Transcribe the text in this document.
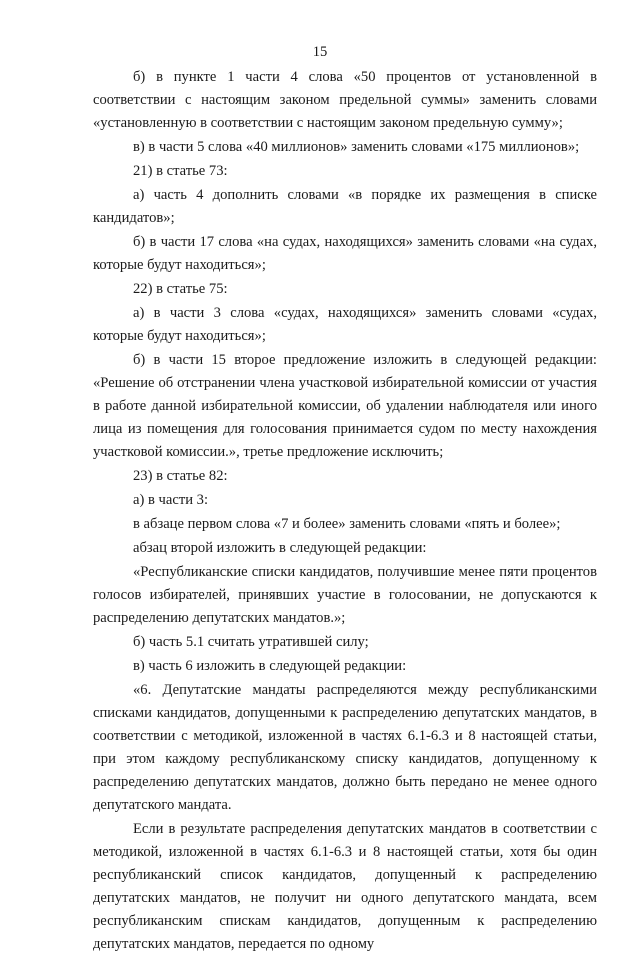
15

б) в пункте 1 части 4 слова «50 процентов от установленной в соответствии с настоящим законом предельной суммы» заменить словами «установленную в соответствии с настоящим законом предельную сумму»;

в) в части 5 слова «40 миллионов» заменить словами «175 миллионов»;

21) в статье 73:

а) часть 4 дополнить словами «в порядке их размещения в списке кандидатов»;

б) в части 17 слова «на судах, находящихся» заменить словами «на судах, которые будут находиться»;

22) в статье 75:

а) в части 3 слова «судах, находящихся» заменить словами «судах, которые будут находиться»;

б) в части 15 второе предложение изложить в следующей редакции: «Решение об отстранении члена участковой избирательной комиссии от участия в работе данной избирательной комиссии, об удалении наблюдателя или иного лица из помещения для голосования принимается судом по месту нахождения участковой комиссии.», третье предложение исключить;

23) в статье 82:

а) в части 3:

в абзаце первом слова «7 и более» заменить словами «пять и более»;

абзац второй изложить в следующей редакции:

«Республиканские списки кандидатов, получившие менее пяти процентов голосов избирателей, принявших участие в голосовании, не допускаются к распределению депутатских мандатов.»;

б) часть 5.1 считать утратившей силу;

в) часть 6 изложить в следующей редакции:

«6. Депутатские мандаты распределяются между республиканскими списками кандидатов, допущенными к распределению депутатских мандатов, в соответствии с методикой, изложенной в частях 6.1-6.3 и 8 настоящей статьи, при этом каждому республиканскому списку кандидатов, допущенному к распределению депутатских мандатов, должно быть передано не менее одного депутатского мандата.

Если в результате распределения депутатских мандатов в соответствии с методикой, изложенной в частях 6.1-6.3 и 8 настоящей статьи, хотя бы один республиканский список кандидатов, допущенный к распределению депутатских мандатов, не получит ни одного депутатского мандата, всем республиканским спискам кандидатов, допущенным к распределению депутатских мандатов, передается по одному
